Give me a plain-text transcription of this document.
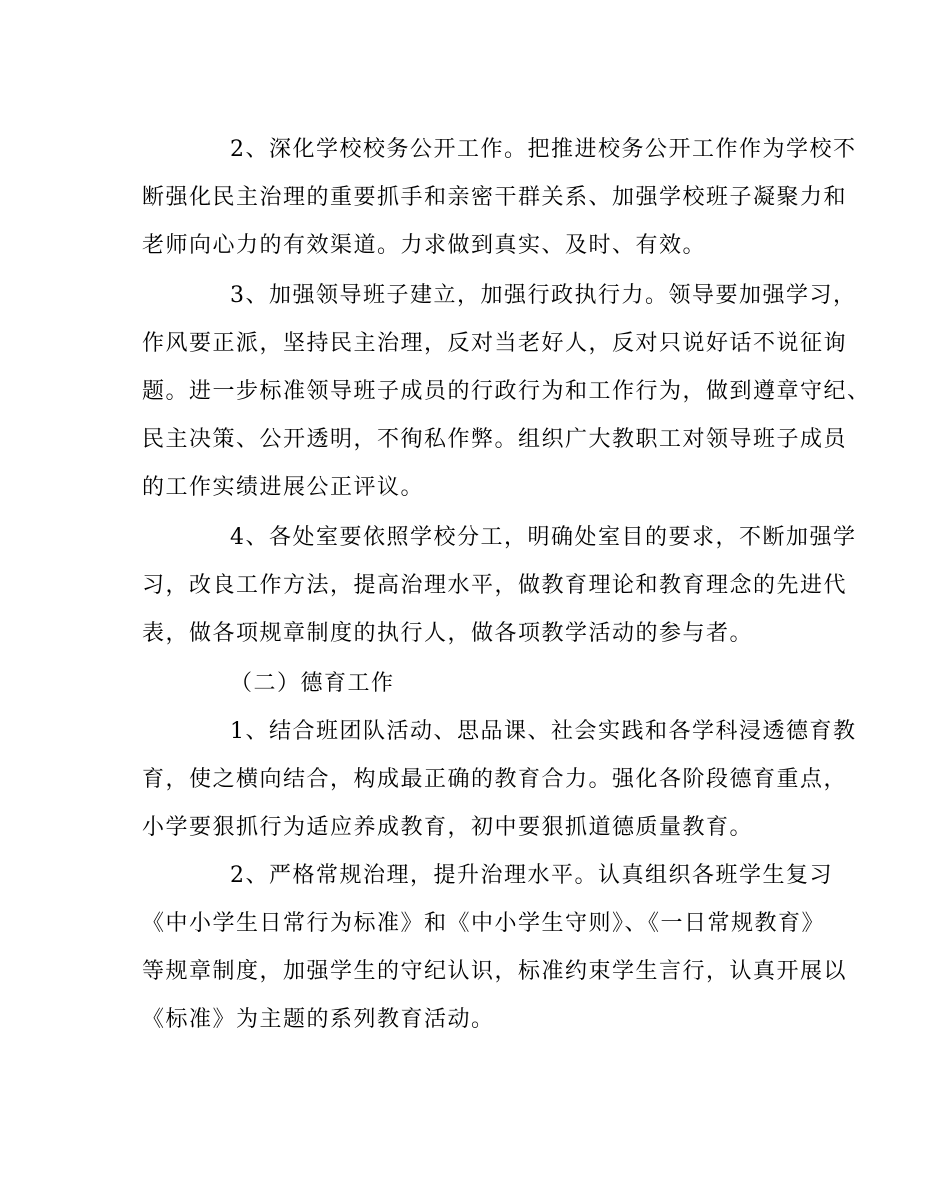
2、深化学校校务公开工作。把推进校务公开工作作为学校不
断强化民主治理的重要抓手和亲密干群关系、加强学校班子凝聚力和
老师向心力的有效渠道。力求做到真实、及时、有效。
3、加强领导班子建立，加强行政执行力。领导要加强学习，
作风要正派，坚持民主治理，反对当老好人，反对只说好话不说征询
题。进一步标准领导班子成员的行政行为和工作行为，做到遵章守纪、
民主决策、公开透明，不徇私作弊。组织广大教职工对领导班子成员
的工作实绩进展公正评议。
4、各处室要依照学校分工，明确处室目的要求，不断加强学
习，改良工作方法，提高治理水平，做教育理论和教育理念的先进代
表，做各项规章制度的执行人，做各项教学活动的参与者。
（二）德育工作
1、结合班团队活动、思品课、社会实践和各学科浸透德育教
育，使之横向结合，构成最正确的教育合力。强化各阶段德育重点，
小学要狠抓行为适应养成教育，初中要狠抓道德质量教育。
2、严格常规治理，提升治理水平。认真组织各班学生复习
《中小学生日常行为标准》和《中小学生守则》、《一日常规教育》
等规章制度，加强学生的守纪认识，标准约束学生言行，认真开展以
《标准》为主题的系列教育活动。
